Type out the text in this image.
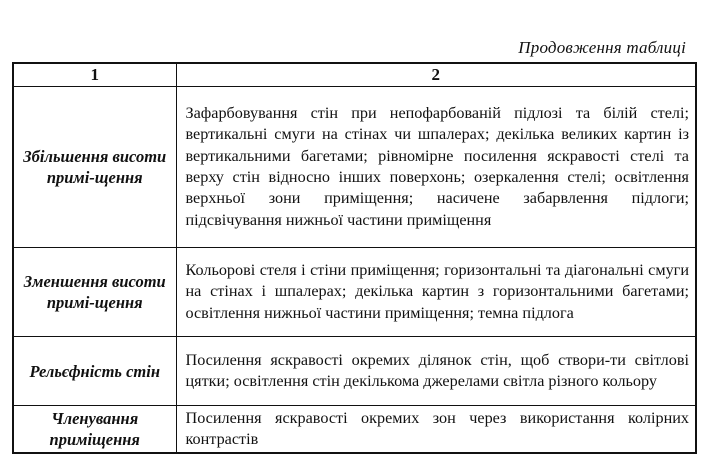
Продовження таблиці
1	2
Збільшення висоти примі-щення	Зафарбовування стін при непофарбованій підлозі та білій стелі; вертикальні смуги на стінах чи шпалерах; декілька великих картин із вертикальними багетами; рівномірне посилення яскравості стелі та верху стін відносно інших поверхонь; озеркалення стелі; освітлення верхньої зони приміщення; насичене забарвлення підлоги; підсвічування нижньої частини приміщення
Зменшення висоти примі-щення	Кольорові стеля і стіни приміщення; горизонтальні та діагональні смуги на стінах і шпалерах; декілька картин з горизонтальними багетами; освітлення нижньої частини приміщення; темна підлога
Рельєфність стін	Посилення яскравості окремих ділянок стін, щоб створи-ти світлові цятки; освітлення стін декількома джерелами світла різного кольору
Членування приміщення	Посилення яскравості окремих зон через використання колірних контрастів
